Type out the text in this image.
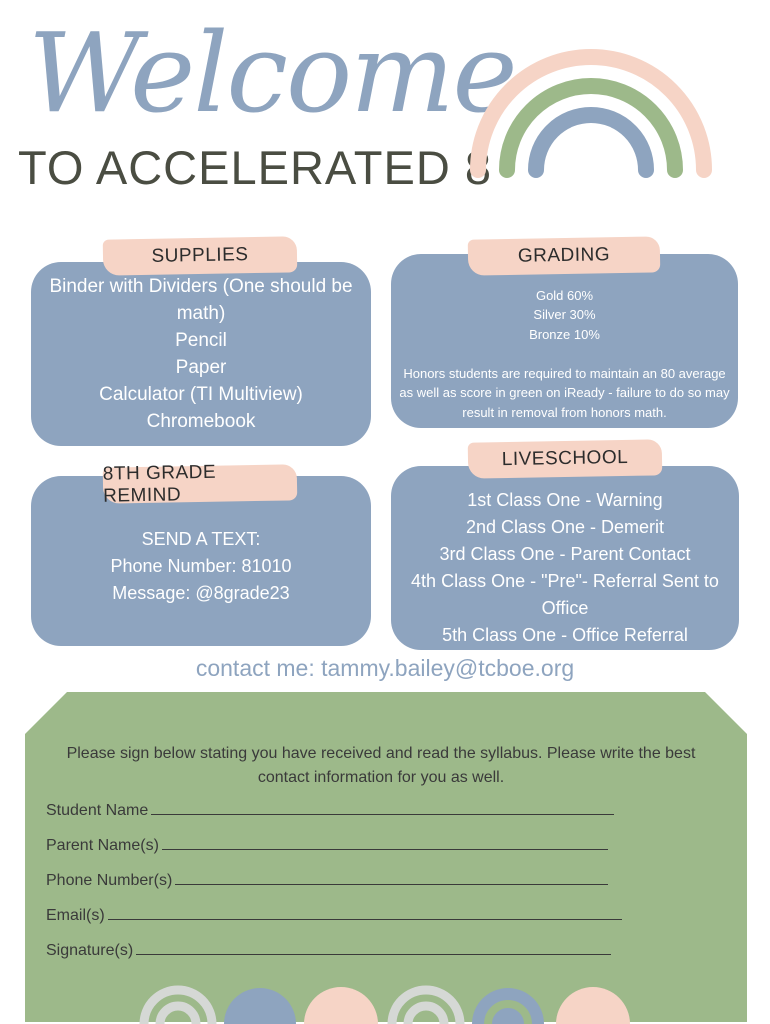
Welcome
TO ACCELERATED 8
Binder with Dividers (One should be math)
Pencil
Paper
Calculator (TI Multiview)
Chromebook
SUPPLIES
Gold 60%
Silver 30%
Bronze 10%
Honors students are required to maintain an 80 average as well as score in green on iReady - failure to do so may result in removal from honors math.
GRADING
SEND A TEXT:
Phone Number: 81010
Message: @8grade23
8TH GRADE REMIND	1st Class One - Warning
2nd Class One - Demerit
3rd Class One - Parent Contact
4th Class One - "Pre"- Referral Sent to Office
5th Class One - Office Referral
LIVESCHOOL
contact me: tammy.bailey@tcboe.org
Please sign below stating you have received and read the syllabus. Please write the best contact information for you as well.
Student Name
Parent Name(s)
Phone Number(s)
Email(s)
Signature(s)
